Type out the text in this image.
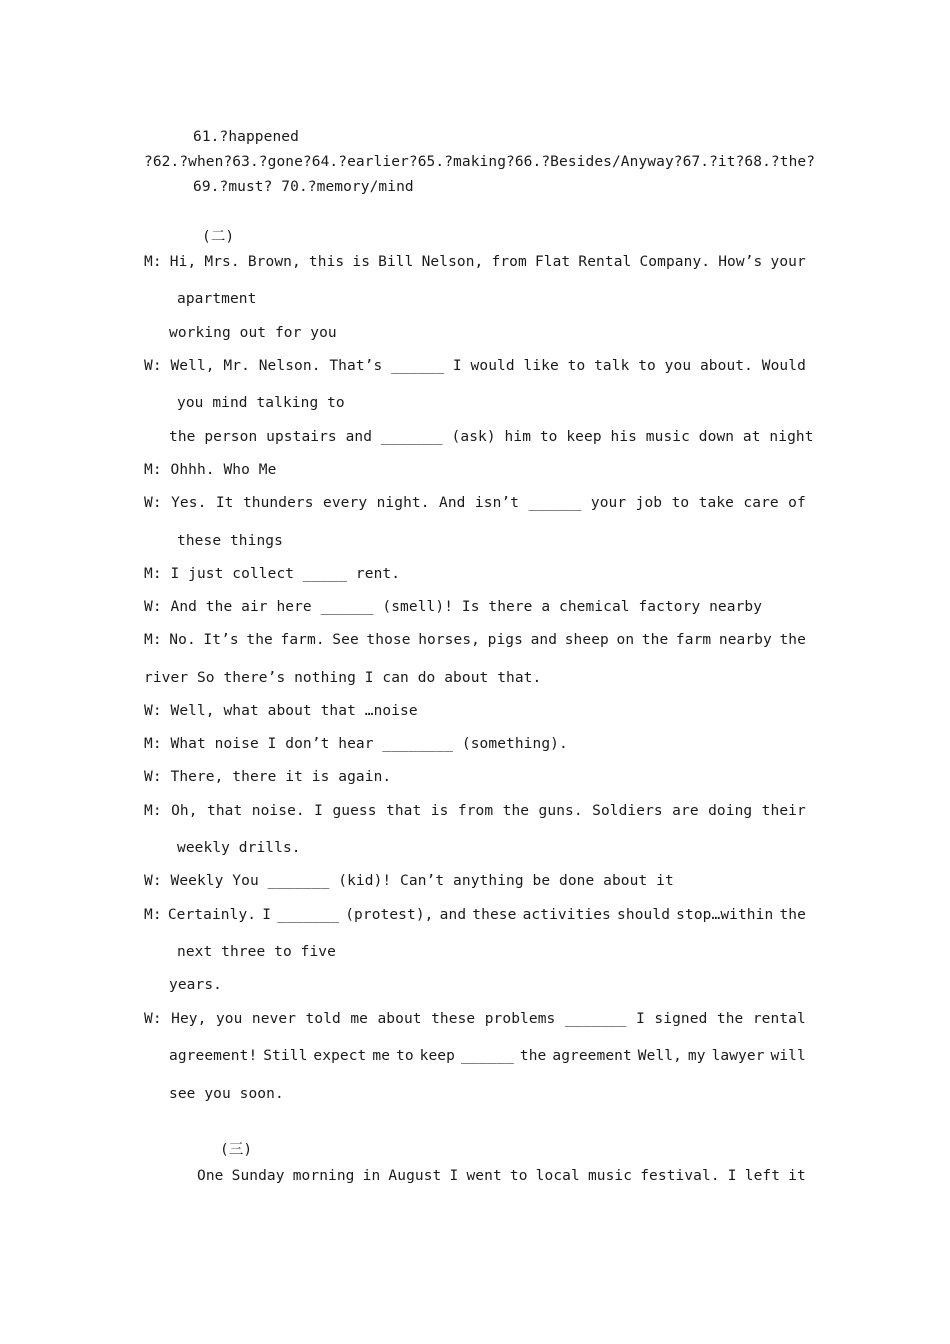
61.?happened
?62.?when?63.?gone?64.?earlier?65.?making?66.?Besides/Anyway?67.?it?68.?the?
69.?must? 70.?memory/mind
(二)
M: Hi, Mrs. Brown, this is Bill Nelson, from Flat Rental Company. How’s your
apartment
working out for you
W: Well, Mr. Nelson. That’s ______ I would like to talk to you about. Would
you mind talking to
the person upstairs and _______ (ask) him to keep his music down at night
M: Ohhh. Who Me
W: Yes. It thunders every night. And isn’t ______ your job to take care of
these things
M: I just collect _____ rent.
W: And the air here ______ (smell)! Is there a chemical factory nearby
M: No. It’s the farm. See those horses, pigs and sheep on the farm nearby the
river So there’s nothing I can do about that.
W: Well, what about that …noise
M: What noise I don’t hear ________ (something).
W: There, there it is again.
M: Oh, that noise. I guess that is from the guns. Soldiers are doing their
weekly drills.
W: Weekly You _______ (kid)! Can’t anything be done about it
M: Certainly. I _______ (protest), and these activities should stop…within the
next three to five
years.
W: Hey, you never told me about these problems _______ I signed the rental
agreement! Still expect me to keep ______ the agreement Well, my lawyer will
see you soon.
(三)
One Sunday morning in August I went to local music festival. I left it
